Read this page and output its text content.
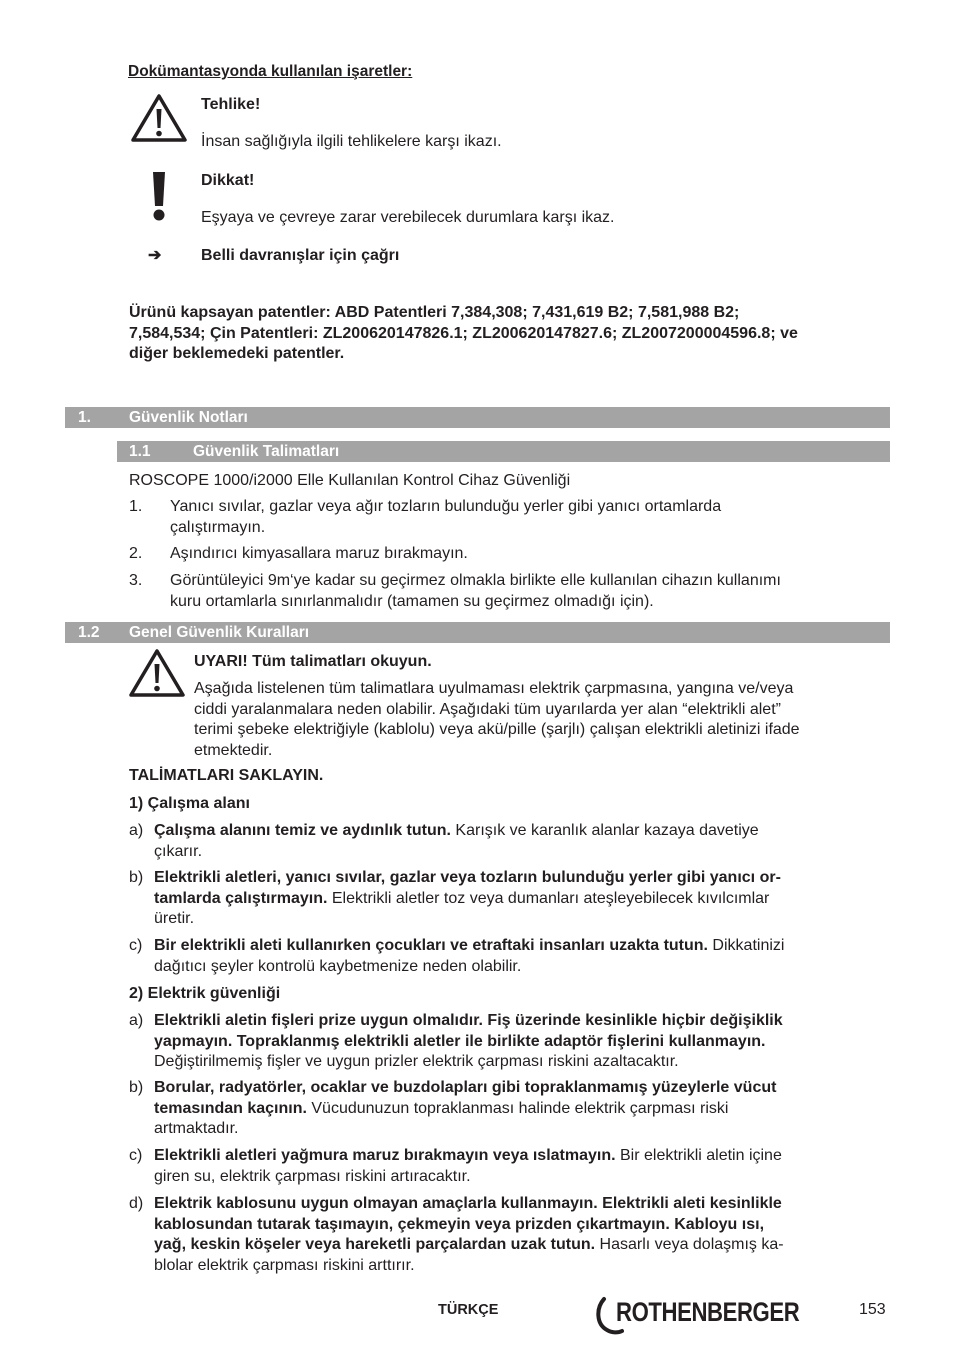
Dokümantasyonda kullanılan işaretler:
Tehlike!
İnsan sağlığıyla ilgili tehlikelere karşı ikazı.
Dikkat!
Eşyaya ve çevreye zarar verebilecek durumlara karşı ikaz.
➔ Belli davranışlar için çağrı
Ürünü kapsayan patentler: ABD Patentleri 7,384,308; 7,431,619 B2; 7,581,988 B2;
7,584,534; Çin Patentleri: ZL200620147826.1; ZL200620147827.6; ZL2007200004596.8; ve
diğer beklemedeki patentler.
1. Güvenlik Notları
1.1	Güvenlik Talimatları
ROSCOPE 1000/i2000 Elle Kullanılan Kontrol Cihaz Güvenliği
1. Yanıcı sıvılar, gazlar veya ağır tozların bulunduğu yerler gibi yanıcı ortamlarda
çalıştırmayın.
2. Aşındırıcı kimyasallara maruz bırakmayın.
3. Görüntüleyici 9m‘ye kadar su geçirmez olmakla birlikte elle kullanılan cihazın kullanımı
kuru ortamlarla sınırlanmalıdır (tamamen su geçirmez olmadığı için).
1.2 Genel Güvenlik Kuralları
UYARI! Tüm talimatları okuyun.
Aşağıda listelenen tüm talimatlara uyulmaması elektrik çarpmasına, yangına ve/veya
ciddi yaralanmalara neden olabilir. Aşağıdaki tüm uyarılarda yer alan “elektrikli alet”
terimi şebeke elektriğiyle (kablolu) veya akü/pille (şarjlı) çalışan elektrikli aletinizi ifade
etmektedir.
TALİMATLARI SAKLAYIN.
1) Çalışma alanı
a) Çalışma alanını temiz ve aydınlık tutun. Karışık ve karanlık alanlar kazaya davetiye
çıkarır.
b) Elektrikli aletleri, yanıcı sıvılar, gazlar veya tozların bulunduğu yerler gibi yanıcı or-
tamlarda çalıştırmayın. Elektrikli aletler toz veya dumanları ateşleyebilecek kıvılcımlar
üretir.
c) Bir elektrikli aleti kullanırken çocukları ve etraftaki insanları uzakta tutun. Dikkatinizi
dağıtıcı şeyler kontrolü kaybetmenize neden olabilir.
2) Elektrik güvenliği
a) Elektrikli aletin fişleri prize uygun olmalıdır. Fiş üzerinde kesinlikle hiçbir değişiklik
yapmayın. Topraklanmış elektrikli aletler ile birlikte adaptör fişlerini kullanmayın.
Değiştirilmemiş fişler ve uygun prizler elektrik çarpması riskini azaltacaktır.
b) Borular, radyatörler, ocaklar ve buzdolapları gibi topraklanmamış yüzeylerle vücut
temasından kaçının. Vücudunuzun topraklanması halinde elektrik çarpması riski
artmaktadır.
c) Elektrikli aletleri yağmura maruz bırakmayın veya ıslatmayın. Bir elektrikli aletin içine
giren su, elektrik çarpması riskini artıracaktır.
d) Elektrik kablosunu uygun olmayan amaçlarla kullanmayın. Elektrikli aleti kesinlikle
kablosundan tutarak taşımayın, çekmeyin veya prizden çıkartmayın. Kabloyu ısı,
yağ, keskin köşeler veya hareketli parçalardan uzak tutun. Hasarlı veya dolaşmış ka-
blolar elektrik çarpması riskini arttırır.
TÜRKÇE	ROTHENBERGER	153
